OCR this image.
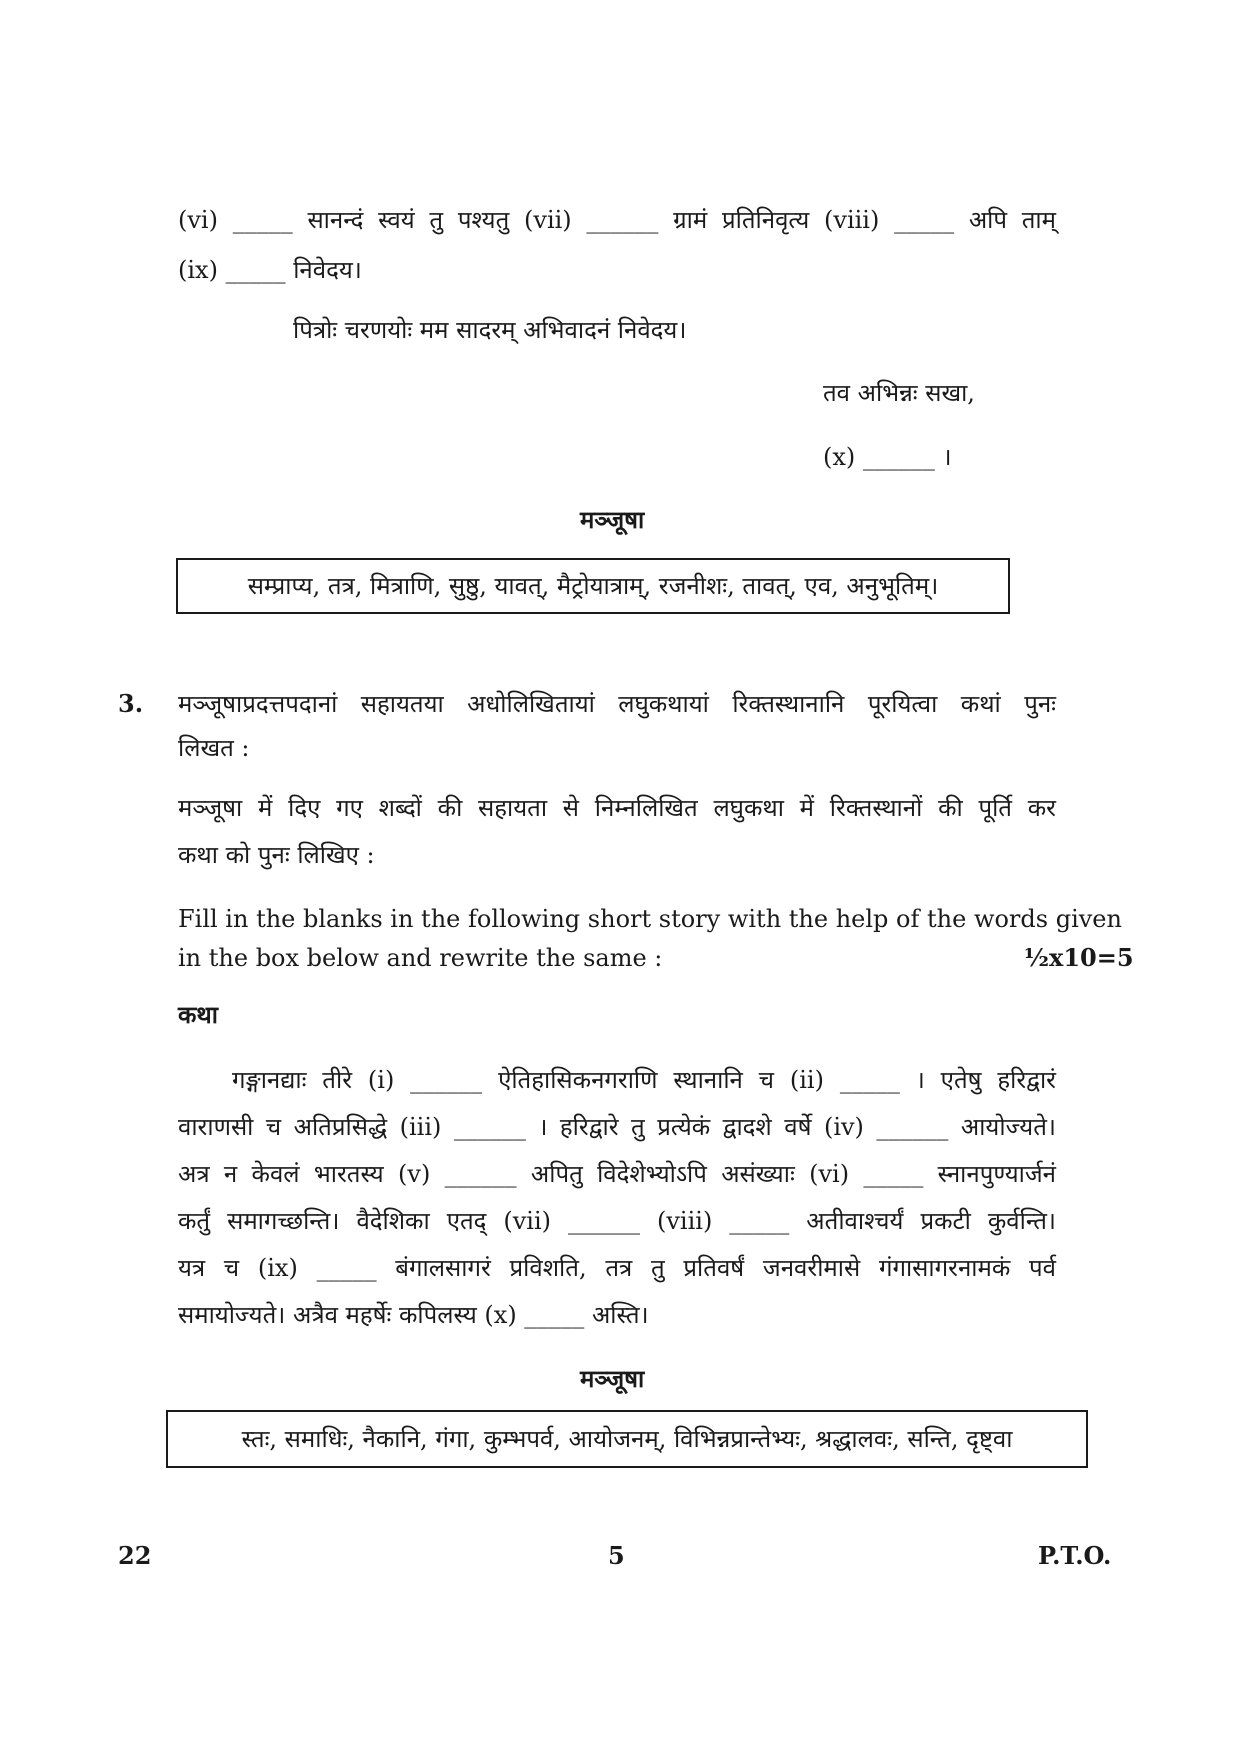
(vi) _____ सानन्दं स्वयं तु पश्यतु (vii) ______ ग्रामं प्रतिनिवृत्य (viii) _____ अपि ताम्
(ix) _____ निवेदय।
पित्रोः चरणयोः मम सादरम् अभिवादनं निवेदय।
तव अभिन्नः सखा,
(x) ______ ।
मञ्जूषा
सम्प्राप्य, तत्र, मित्राणि, सुष्ठु, यावत्, मैट्रोयात्राम्, रजनीशः, तावत्, एव, अनुभूतिम्।
3. मञ्जूषाप्रदत्तपदानां सहायतया अधोलिखितायां लघुकथायां रिक्तस्थानानि पूरयित्वा कथां पुनः
लिखत :
मञ्जूषा में दिए गए शब्दों की सहायता से निम्नलिखित लघुकथा में रिक्तस्थानों की पूर्ति कर
कथा को पुनः लिखिए :
Fill in the blanks in the following short story with the help of the words given
in the box below and rewrite the same :	½x10=5
कथा
गङ्गानद्याः तीरे (i) ______ ऐतिहासिकनगराणि स्थानानि च (ii) _____ । एतेषु हरिद्वारं
वाराणसी च अतिप्रसिद्धे (iii) ______ । हरिद्वारे तु प्रत्येकं द्वादशे वर्षे (iv) ______ आयोज्यते।
अत्र न केवलं भारतस्य (v) ______ अपितु विदेशेभ्योऽपि असंख्याः (vi) _____ स्नानपुण्यार्जनं
कर्तुं समागच्छन्ति। वैदेशिका एतद् (vii) ______ (viii) _____ अतीवाश्चर्यं प्रकटी कुर्वन्ति।
यत्र च (ix) _____ बंगालसागरं प्रविशति, तत्र तु प्रतिवर्षं जनवरीमासे गंगासागरनामकं पर्व
समायोज्यते। अत्रैव महर्षेः कपिलस्य (x) _____ अस्ति।
मञ्जूषा
स्तः, समाधिः, नैकानि, गंगा, कुम्भपर्व, आयोजनम्, विभिन्नप्रान्तेभ्यः, श्रद्धालवः, सन्ति, दृष्ट्वा
22	5	P.T.O.
